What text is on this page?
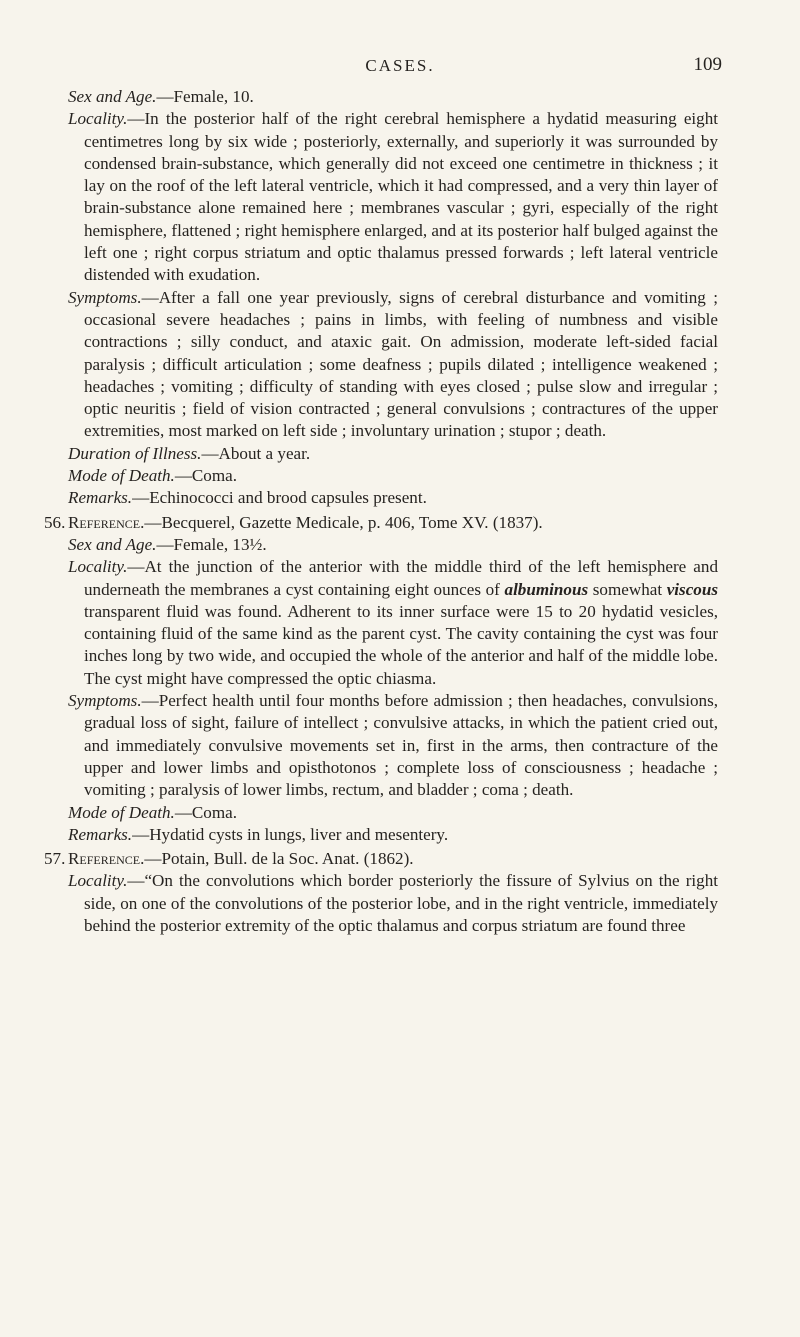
CASES.	109

Sex and Age.—Female, 10.

Locality.—In the posterior half of the right cerebral hemisphere a hydatid measuring eight centimetres long by six wide ; posteriorly, externally, and superiorly it was surrounded by condensed brain-substance, which generally did not exceed one centimetre in thickness ; it lay on the roof of the left lateral ventricle, which it had compressed, and a very thin layer of brain-substance alone remained here ; membranes vascular ; gyri, especially of the right hemisphere, flattened ; right hemisphere enlarged, and at its posterior half bulged against the left one ; right corpus striatum and optic thalamus pressed forwards ; left lateral ventricle distended with exudation.

Symptoms.—After a fall one year previously, signs of cerebral disturbance and vomiting ; occasional severe headaches ; pains in limbs, with feeling of numbness and visible contractions ; silly conduct, and ataxic gait. On admission, moderate left-sided facial paralysis ; difficult articulation ; some deafness ; pupils dilated ; intelligence weakened ; headaches ; vomiting ; difficulty of standing with eyes closed ; pulse slow and irregular ; optic neuritis ; field of vision contracted ; general convulsions ; contractures of the upper extremities, most marked on left side ; involuntary urination ; stupor ; death.

Duration of Illness.—About a year.

Mode of Death.—Coma.

Remarks.—Echinococci and brood capsules present.

56. Reference.—Becquerel, Gazette Medicale, p. 406, Tome XV. (1837).

Sex and Age.—Female, 13½.

Locality.—At the junction of the anterior with the middle third of the left hemisphere and underneath the membranes a cyst containing eight ounces of albuminous somewhat viscous transparent fluid was found. Adherent to its inner surface were 15 to 20 hydatid vesicles, containing fluid of the same kind as the parent cyst. The cavity containing the cyst was four inches long by two wide, and occupied the whole of the anterior and half of the middle lobe. The cyst might have compressed the optic chiasma.

Symptoms.—Perfect health until four months before admission ; then headaches, convulsions, gradual loss of sight, failure of intellect ; convulsive attacks, in which the patient cried out, and immediately convulsive movements set in, first in the arms, then contracture of the upper and lower limbs and opisthotonos ; complete loss of consciousness ; headache ; vomiting ; paralysis of lower limbs, rectum, and bladder ; coma ; death.

Mode of Death.—Coma.

Remarks.—Hydatid cysts in lungs, liver and mesentery.

57. Reference.—Potain, Bull. de la Soc. Anat. (1862).

Locality.—“On the convolutions which border posteriorly the fissure of Sylvius on the right side, on one of the convolutions of the posterior lobe, and in the right ventricle, immediately behind the posterior extremity of the optic thalamus and corpus striatum are found three
